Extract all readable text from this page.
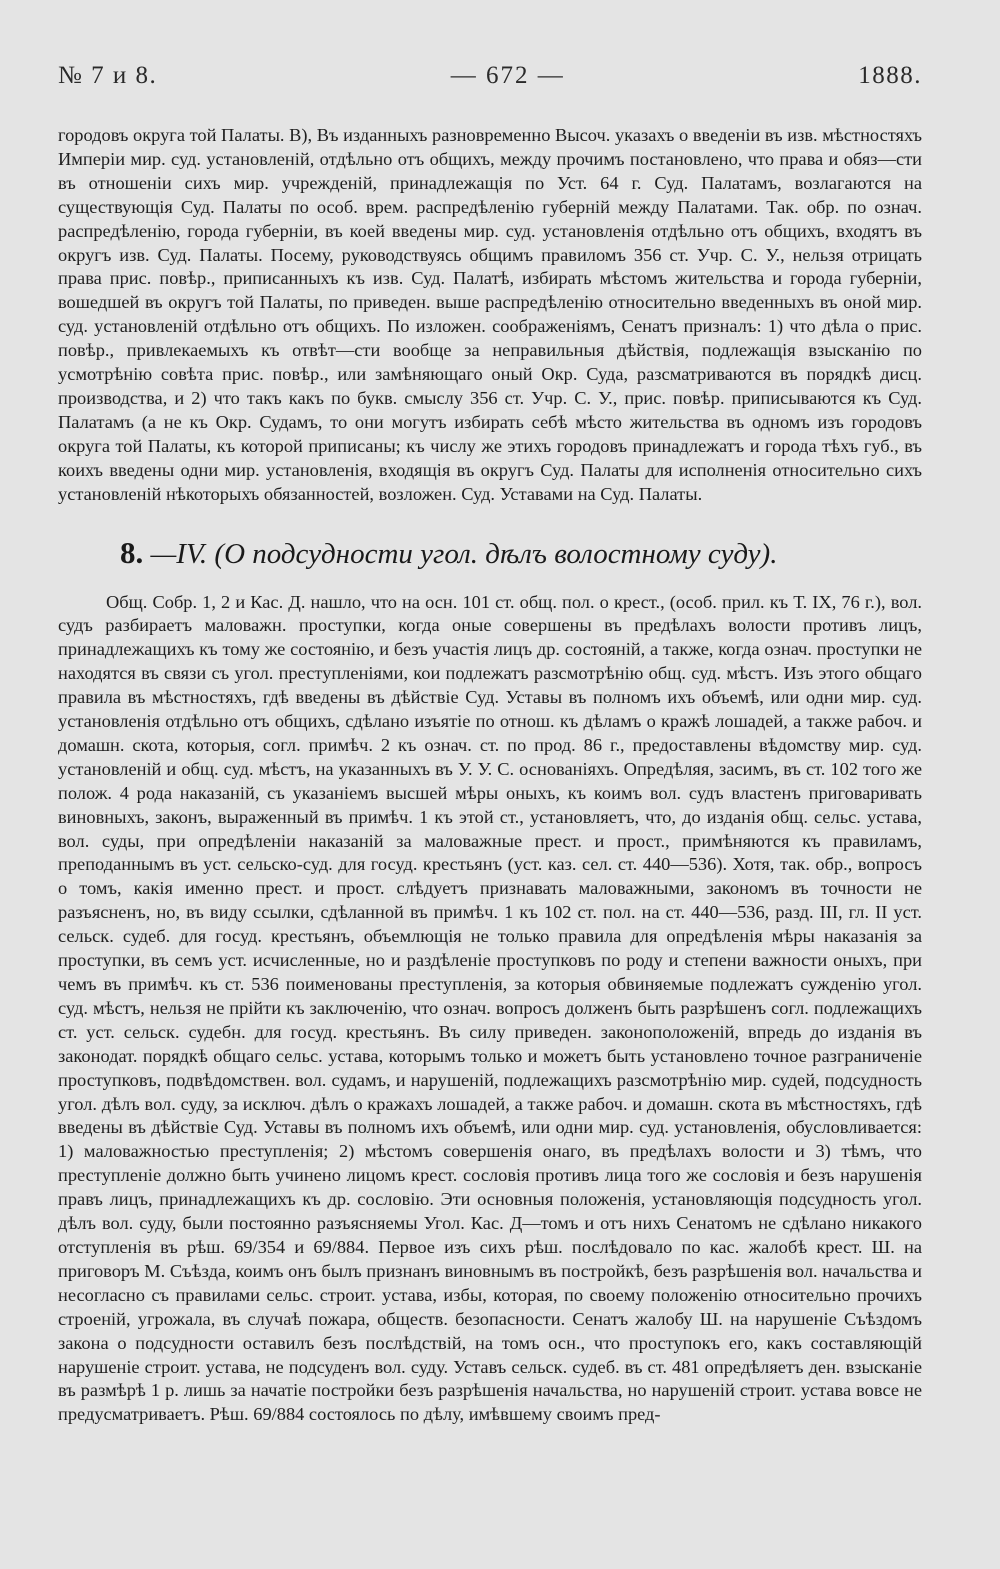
№ 7 и 8.	— 672 —	1888.

городовъ округа той Палаты. В), Въ изданныхъ разновременно Высоч. указахъ о введеніи въ изв. мѣстностяхъ Имперіи мир. суд. установленій, отдѣльно отъ общихъ, между прочимъ постановлено, что права и обяз—сти въ отношеніи сихъ мир. учрежденій, принадлежащія по Уст. 64 г. Суд. Палатамъ, возлагаются на существующія Суд. Палаты по особ. врем. распредѣленію губерній между Палатами. Так. обр. по означ. распредѣленію, города губерніи, въ коей введены мир. суд. установленія отдѣльно отъ общихъ, входятъ въ округъ изв. Суд. Палаты. Посему, руководствуясь общимъ правиломъ 356 ст. Учр. С. У., нельзя отрицать права прис. повѣр., приписанныхъ къ изв. Суд. Палатѣ, избирать мѣстомъ жительства и города губерніи, вошедшей въ округъ той Палаты, по приведен. выше распредѣленію относительно введенныхъ въ оной мир. суд. установленій отдѣльно отъ общихъ. По изложен. соображеніямъ, Сенатъ призналъ: 1) что дѣла о прис. повѣр., привлекаемыхъ къ отвѣт—сти вообще за неправильныя дѣйствія, подлежащія взысканію по усмотрѣнію совѣта прис. повѣр., или замѣняющаго оный Окр. Суда, разсматриваются въ порядкѣ дисц. производства, и 2) что такъ какъ по букв. смыслу 356 ст. Учр. С. У., прис. повѣр. приписываются къ Суд. Палатамъ (а не къ Окр. Судамъ, то они могутъ избирать себѣ мѣсто жительства въ одномъ изъ городовъ округа той Палаты, къ которой приписаны; къ числу же этихъ городовъ принадлежатъ и города тѣхъ губ., въ коихъ введены одни мир. установленія, входящія въ округъ Суд. Палаты для исполненія относительно сихъ установленій нѣкоторыхъ обязанностей, возложен. Суд. Уставами на Суд. Палаты.

8. —IV. (О подсудности угол. дѣлъ волостному суду).

Общ. Собр. 1, 2 и Кас. Д. нашло, что на осн. 101 ст. общ. пол. о крест., (особ. прил. къ Т. IX, 76 г.), вол. судъ разбираетъ маловажн. проступки, когда оные совершены въ предѣлахъ волости противъ лицъ, принадлежащихъ къ тому же состоянію, и безъ участія лицъ др. состояній, а также, когда означ. проступки не находятся въ связи съ угол. преступленіями, кои подлежатъ разсмотрѣнію общ. суд. мѣстъ. Изъ этого общаго правила въ мѣстностяхъ, гдѣ введены въ дѣйствіе Суд. Уставы въ полномъ ихъ объемѣ, или одни мир. суд. установленія отдѣльно отъ общихъ, сдѣлано изъятіе по отнош. къ дѣламъ о кражѣ лошадей, а также рабоч. и домашн. скота, которыя, согл. примѣч. 2 къ означ. ст. по прод. 86 г., предоставлены вѣдомству мир. суд. установленій и общ. суд. мѣстъ, на указанныхъ въ У. У. С. основаніяхъ. Опредѣляя, засимъ, въ ст. 102 того же полож. 4 рода наказаній, съ указаніемъ высшей мѣры оныхъ, къ коимъ вол. судъ властенъ приговаривать виновныхъ, законъ, выраженный въ примѣч. 1 къ этой ст., установляетъ, что, до изданія общ. сельс. устава, вол. суды, при опредѣленіи наказаній за маловажные прест. и прост., примѣняются къ правиламъ, преподаннымъ въ уст. сельско-суд. для госуд. крестьянъ (уст. каз. сел. ст. 440—536). Хотя, так. обр., вопросъ о томъ, какія именно прест. и прост. слѣдуетъ признавать маловажными, закономъ въ точности не разъясненъ, но, въ виду ссылки, сдѣланной въ примѣч. 1 къ 102 ст. пол. на ст. 440—536, разд. III, гл. II уст. сельск. судеб. для госуд. крестьянъ, объемлющія не только правила для опредѣленія мѣры наказанія за проступки, въ семъ уст. исчисленные, но и раздѣленіе проступковъ по роду и степени важности оныхъ, при чемъ въ примѣч. къ ст. 536 поименованы преступленія, за которыя обвиняемые подлежатъ сужденію угол. суд. мѣстъ, нельзя не прійти къ заключенію, что означ. вопросъ долженъ быть разрѣшенъ согл. подлежащихъ ст. уст. сельск. судебн. для госуд. крестьянъ. Въ силу приведен. законоположеній, впредь до изданія въ законодат. порядкѣ общаго сельс. устава, которымъ только и можетъ быть установлено точное разграниченіе проступковъ, подвѣдомствен. вол. судамъ, и нарушеній, подлежащихъ разсмотрѣнію мир. судей, подсудность угол. дѣлъ вол. суду, за исключ. дѣлъ о кражахъ лошадей, а также рабоч. и домашн. скота въ мѣстностяхъ, гдѣ введены въ дѣйствіе Суд. Уставы въ полномъ ихъ объемѣ, или одни мир. суд. установленія, обусловливается: 1) маловажностью преступленія; 2) мѣстомъ совершенія онаго, въ предѣлахъ волости и 3) тѣмъ, что преступленіе должно быть учинено лицомъ крест. сословія противъ лица того же сословія и безъ нарушенія правъ лицъ, принадлежащихъ къ др. сословію. Эти основныя положенія, установляющія подсудность угол. дѣлъ вол. суду, были постоянно разъясняемы Угол. Кас. Д—томъ и отъ нихъ Сенатомъ не сдѣлано никакого отступленія въ рѣш. 69/354 и 69/884. Первое изъ сихъ рѣш. послѣдовало по кас. жалобѣ крест. Ш. на приговоръ М. Съѣзда, коимъ онъ былъ признанъ виновнымъ въ постройкѣ, безъ разрѣшенія вол. начальства и несогласно съ правилами сельс. строит. устава, избы, которая, по своему положенію относительно прочихъ строеній, угрожала, въ случаѣ пожара, обществ. безопасности. Сенатъ жалобу Ш. на нарушеніе Съѣздомъ закона о подсудности оставилъ безъ послѣдствій, на томъ осн., что проступокъ его, какъ составляющій нарушеніе строит. устава, не подсуденъ вол. суду. Уставъ сельск. судеб. въ ст. 481 опредѣляетъ ден. взысканіе въ размѣрѣ 1 р. лишь за начатіе постройки безъ разрѣшенія начальства, но нарушеній строит. устава вовсе не предусматриваетъ. Рѣш. 69/884 состоялось по дѣлу, имѣвшему своимъ пред-
